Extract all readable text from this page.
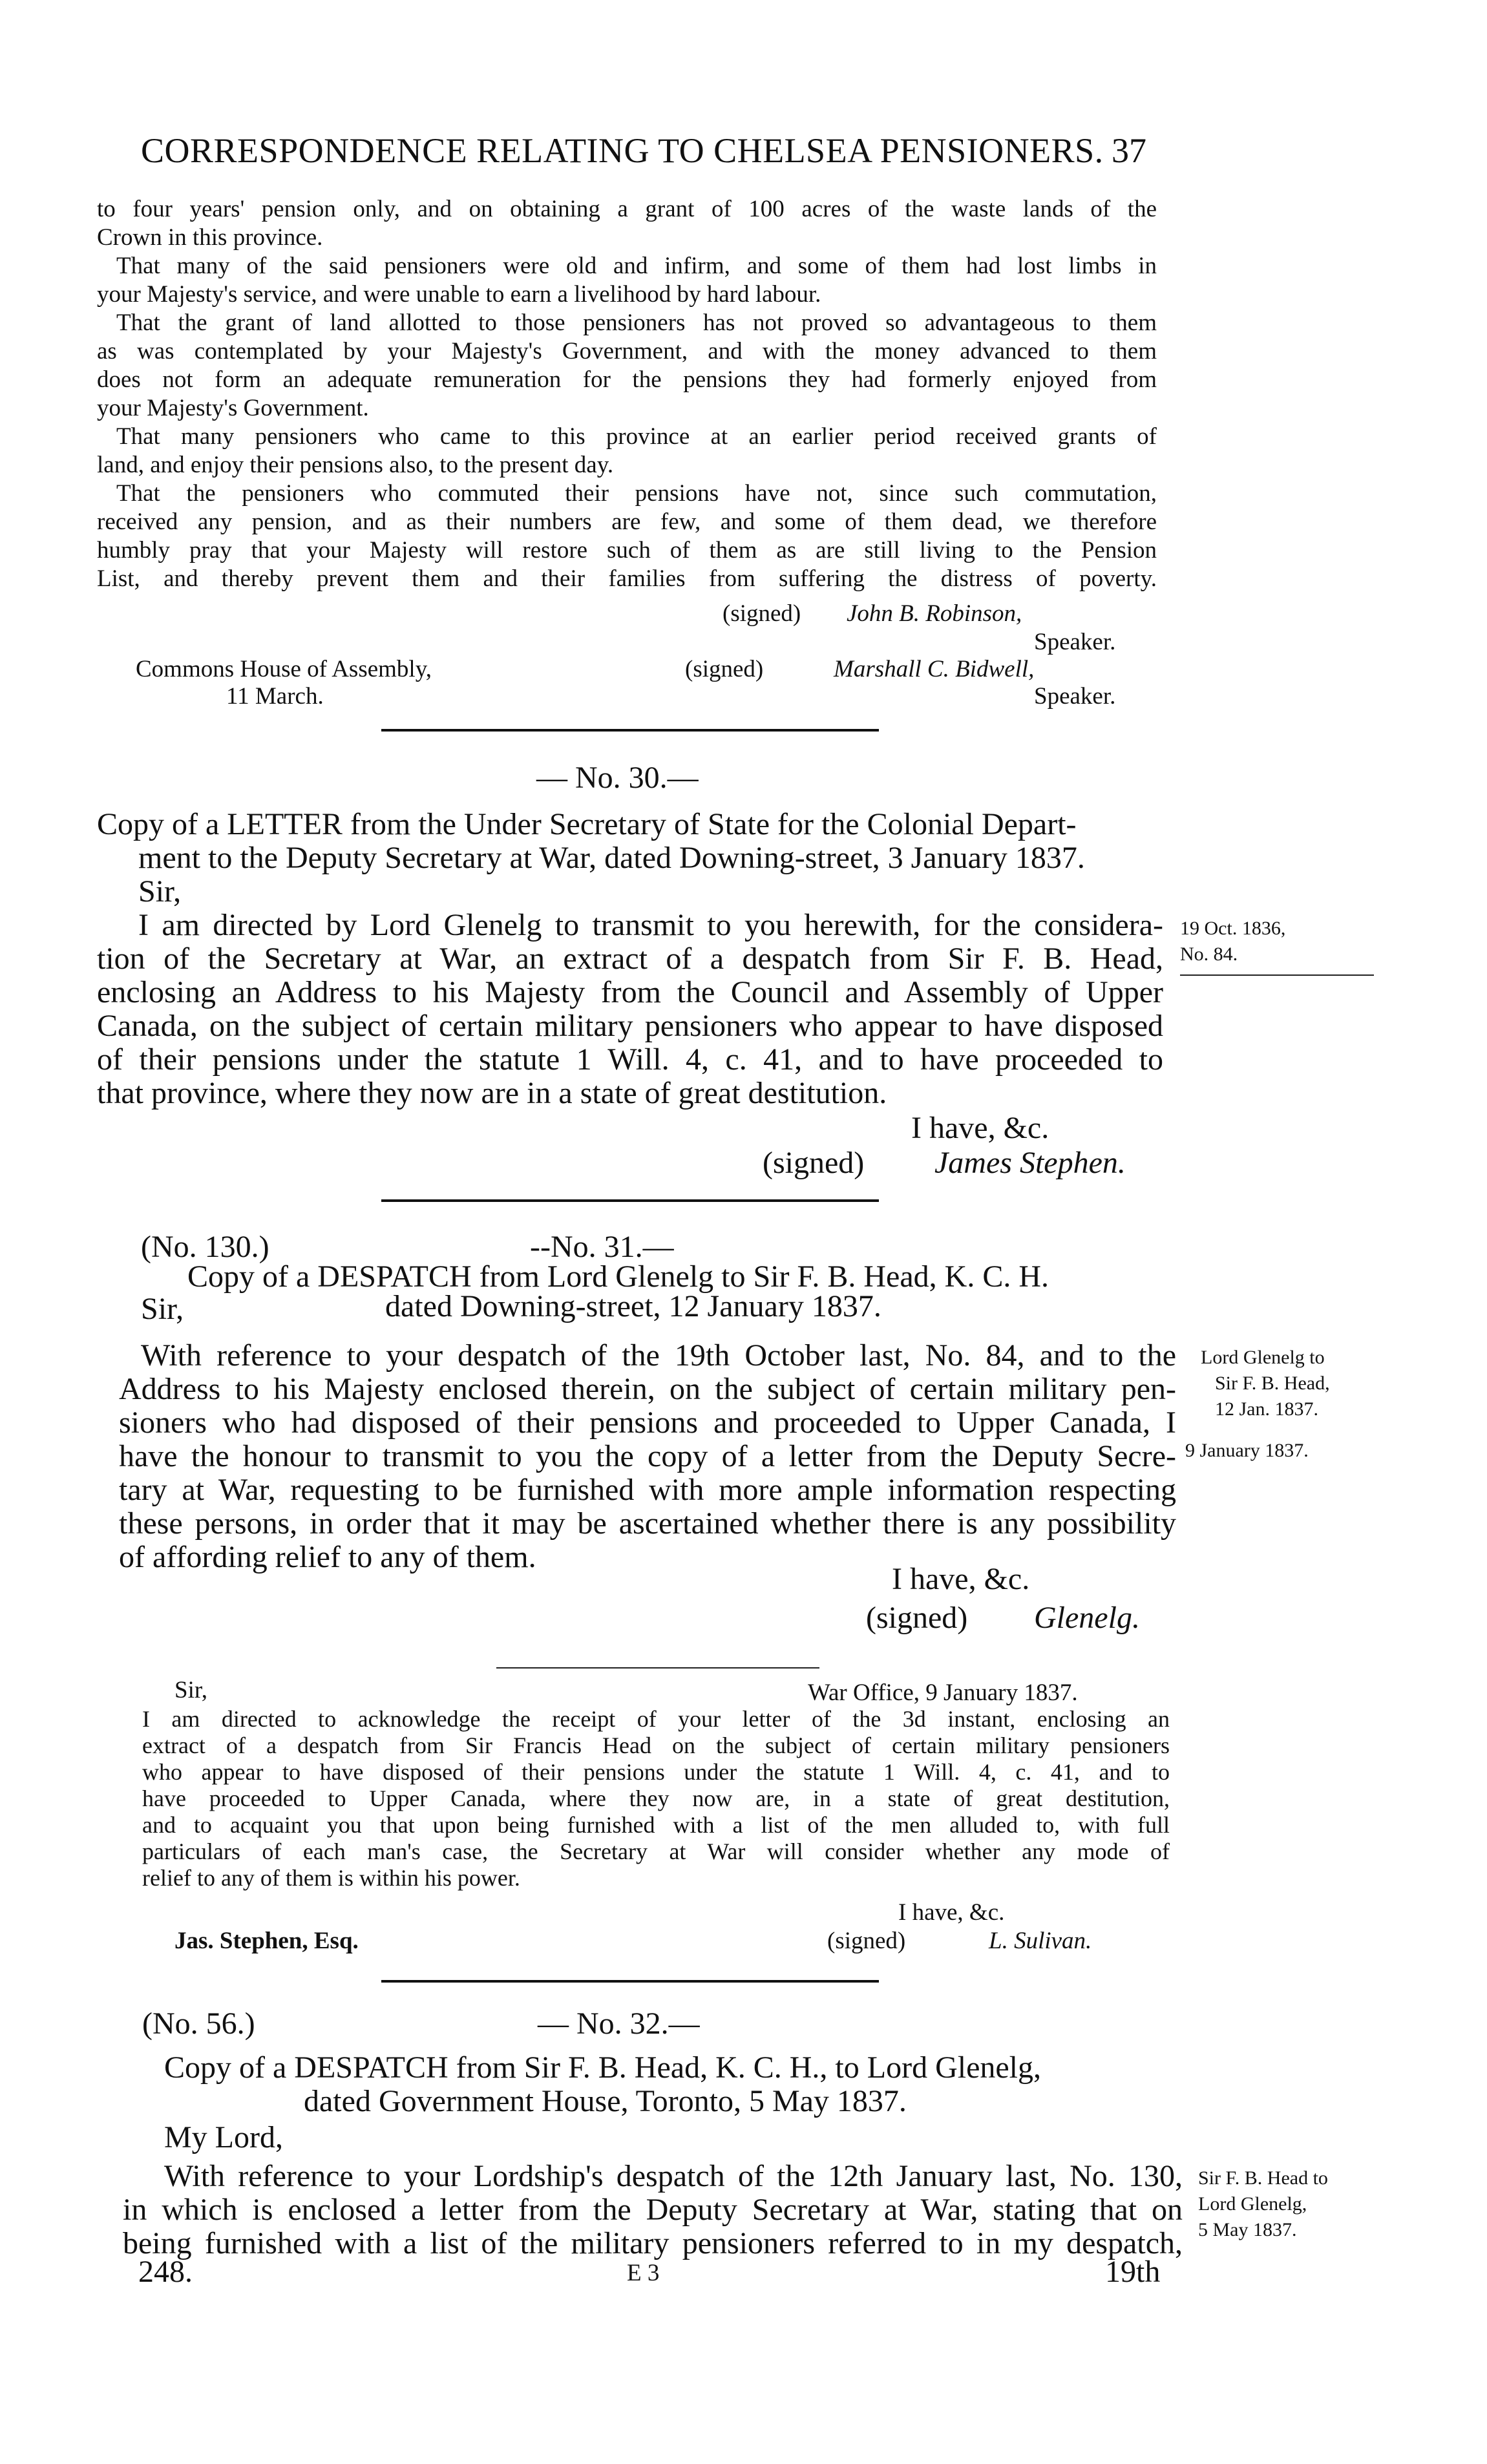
CORRESPONDENCE RELATING TO CHELSEA PENSIONERS. 37
to four years' pension only, and on obtaining a grant of 100 acres of the waste lands of the
Crown in this province.
That many of the said pensioners were old and infirm, and some of them had lost limbs in
your Majesty's service, and were unable to earn a livelihood by hard labour.
That the grant of land allotted to those pensioners has not proved so advantageous to them
as was contemplated by your Majesty's Government, and with the money advanced to them
does not form an adequate remuneration for the pensions they had formerly enjoyed from
your Majesty's Government.
That many pensioners who came to this province at an earlier period received grants of
land, and enjoy their pensions also, to the present day.
That the pensioners who commuted their pensions have not, since such commutation,
received any pension, and as their numbers are few, and some of them dead, we therefore
humbly pray that your Majesty will restore such of them as are still living to the Pension
List, and thereby prevent them and their families from suffering the distress of poverty.
(signed) John B. Robinson,
Speaker.
Commons House of Assembly,	(signed)	Marshall C. Bidwell,
11 March.	Speaker.
— No. 30.—
Copy of a LETTER from the Under Secretary of State for the Colonial Depart-
ment to the Deputy Secretary at War, dated Downing-street, 3 January 1837.
Sir,
I am directed by Lord Glenelg to transmit to you herewith, for the considera-
tion of the Secretary at War, an extract of a despatch from Sir F. B. Head,
enclosing an Address to his Majesty from the Council and Assembly of Upper
Canada, on the subject of certain military pensioners who appear to have disposed
of their pensions under the statute 1 Will. 4, c. 41, and to have proceeded to
that province, where they now are in a state of great destitution.
19 Oct. 1836,
No. 84.
I have, &c.
(signed) James Stephen.
(No. 130.)	--No. 31.—
Copy of a DESPATCH from Lord Glenelg to Sir F. B. Head, K. C. H.
Sir,	dated Downing-street, 12 January 1837.
With reference to your despatch of the 19th October last, No. 84, and to the
Address to his Majesty enclosed therein, on the subject of certain military pen-
sioners who had disposed of their pensions and proceeded to Upper Canada, I
have the honour to transmit to you the copy of a letter from the Deputy Secre-
tary at War, requesting to be furnished with more ample information respecting
these persons, in order that it may be ascertained whether there is any possibility
of affording relief to any of them.
Lord Glenelg to
Sir F. B. Head,
12 Jan. 1837.
9 January 1837.
I have, &c.
(signed) Glenelg.
Sir,	War Office, 9 January 1837.
I am directed to acknowledge the receipt of your letter of the 3d instant, enclosing an
extract of a despatch from Sir Francis Head on the subject of certain military pensioners
who appear to have disposed of their pensions under the statute 1 Will. 4, c. 41, and to
have proceeded to Upper Canada, where they now are, in a state of great destitution,
and to acquaint you that upon being furnished with a list of the men alluded to, with full
particulars of each man's case, the Secretary at War will consider whether any mode of
relief to any of them is within his power.
I have, &c.
Jas. Stephen, Esq.	(signed)	L. Sulivan.
(No. 56.)	— No. 32.—
Copy of a DESPATCH from Sir F. B. Head, K. C. H., to Lord Glenelg,
dated Government House, Toronto, 5 May 1837.
My Lord,
With reference to your Lordship's despatch of the 12th January last, No. 130,
in which is enclosed a letter from the Deputy Secretary at War, stating that on
being furnished with a list of the military pensioners referred to in my despatch,
Sir F. B. Head to
Lord Glenelg,
5 May 1837.
248.	E 3	19th
